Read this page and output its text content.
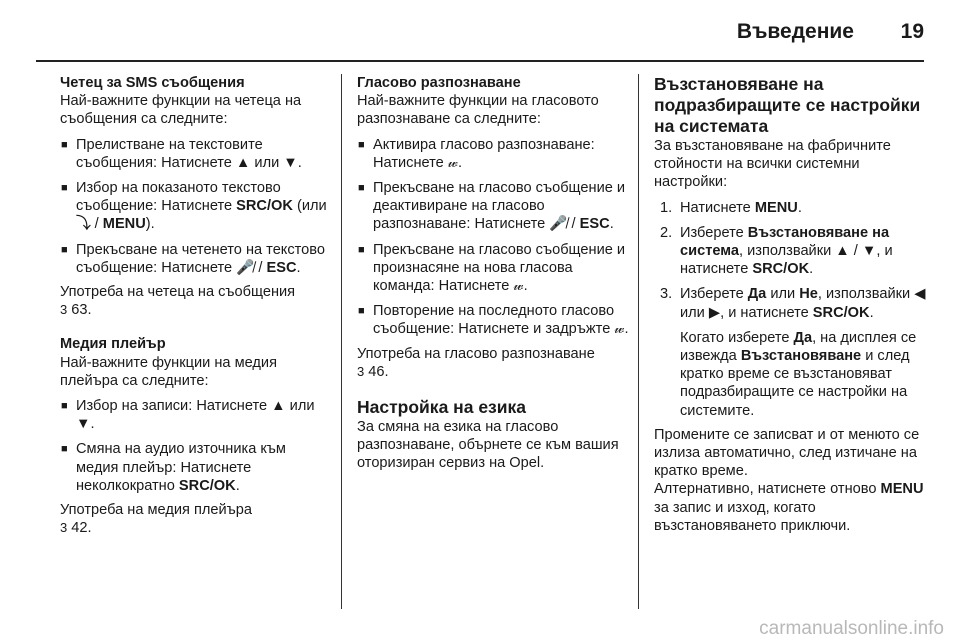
Въведение 19

Четец за SMS съобщения

Най-важните функции на четеца на съобщения са следните:

■ Прелистване на текстовите съобщения: Натиснете ▲ или ▼.
■ Избор на показаното текстово съобщение: Натиснете SRC/OK (или ⤵ / MENU).
■ Прекъсване на четенето на текстово съобщение: Натиснете 🎤̸ / ESC.

Употреба на четеца на съобщения
3 63.

Медия плейър

Най-важните функции на медия плейъра са следните:

■ Избор на записи: Натиснете ▲ или ▼.
■ Смяна на аудио източника към медия плейър: Натиснете неколкократно SRC/OK.

Употреба на медия плейъра
3 42.

Гласово разпознаване

Най-важните функции на гласовото разпознаване са следните:

■ Активира гласово разпознаване: Натиснете 𝓌.
■ Прекъсване на гласово съобщение и деактивиране на гласово разпознаване: Натиснете 🎤̸ / ESC.
■ Прекъсване на гласово съобщение и произнасяне на нова гласова команда: Натиснете 𝓌.
■ Повторение на последното гласово съобщение: Натиснете и задръжте 𝓌.

Употреба на гласово разпознаване
3 46.

Настройка на езика

За смяна на езика на гласово разпознаване, обърнете се към вашия оторизиран сервиз на Opel.

Възстановяване на подразбиращите се настройки на системата

За възстановяване на фабричните стойности на всички системни настройки:

1. Натиснете MENU.
2. Изберете Възстановяване на система, използвайки ▲ / ▼, и натиснете SRC/OK.
3. Изберете Да или Не, използвайки ◀ или ▶, и натиснете SRC/OK.
Когато изберете Да, на дисплея се извежда Възстановяване и след кратко време се възстановяват подразбиращите се настройки на системите.

Промените се записват и от менюто се излиза автоматично, след изтичане на кратко време.

Алтернативно, натиснете отново MENU за запис и изход, когато възстановяването приключи.

carmanualsonline.info
